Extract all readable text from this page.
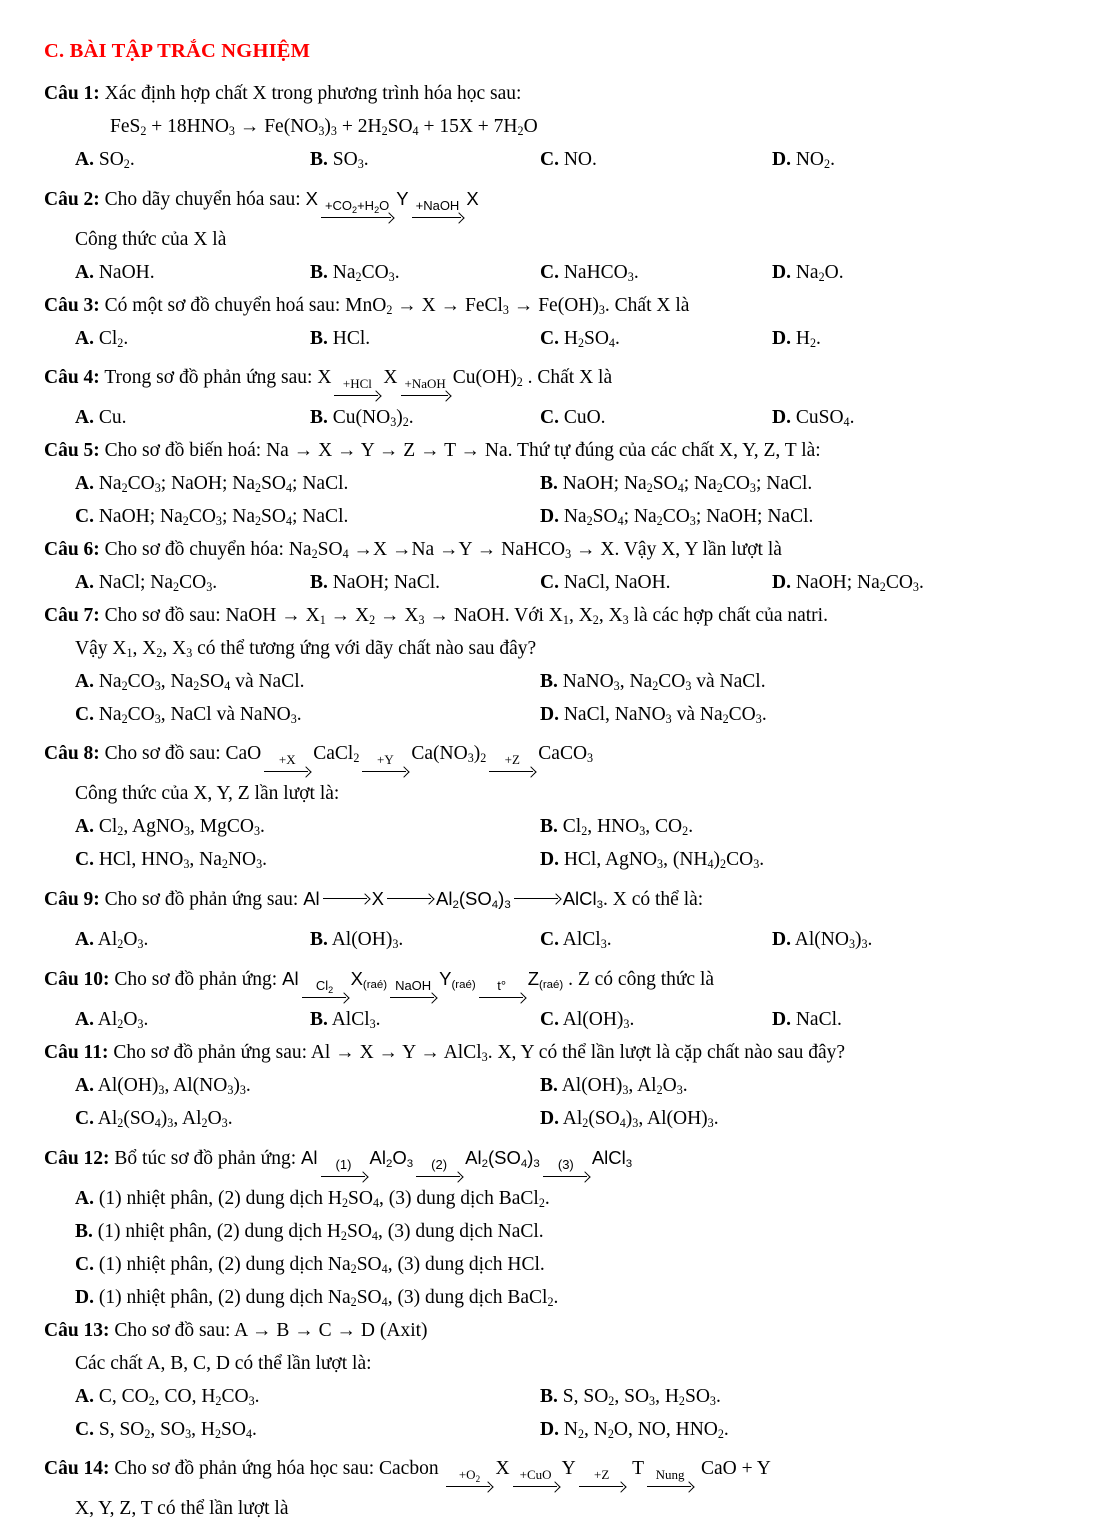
C. BÀI TẬP TRẮC NGHIỆM

Câu 1: Xác định hợp chất X trong phương trình hóa học sau:

$FeS_2 + 18HNO_3 \to Fe(NO_3)_3 + 2H_2SO_4 + 15X + 7H_2O$

A. $SO_2$.	B. $SO_3$.	C. NO.	D. $NO_2$.

Câu 2: Cho dãy chuyển hóa sau: $X +CO_2+H_2O$ Y +NaOH X

Công thức của X là

A. NaOH.	B. $Na_2CO_3$.	C. NaHCO$_3$.	D. $Na_2O$.

Câu 3: Có một sơ đồ chuyển hoá sau: MnO$_2$ → X → FeCl$_3$ → $Fe(OH)_3$. Chất X là

A. $Cl_2$.	B. HCl.	C. $H_2SO_4$.	D. $H_2$.

Câu 4: Trong sơ đồ phản ứng sau: X +HCl X +NaOH $Cu(OH)_2$ . Chất X là

A. Cu.	B. $Cu(NO_3)_2$.	C. CuO.	D. CuSO$_4$.

Câu 5: Cho sơ đồ biến hoá: Na → X → Y → Z → T → Na. Thứ tự đúng của các chất X, Y, Z, T là:

A. $Na_2CO_3$; NaOH; $Na_2SO_4$; NaCl.	B. NaOH; $Na_2SO_4$; $Na_2CO_3$; NaCl.
C. NaOH; $Na_2CO_3$; $Na_2SO_4$; NaCl.	D. $Na_2SO_4$; $Na_2CO_3$; NaOH; NaCl.

Câu 6: Cho sơ đồ chuyển hóa: $Na_2SO_4 \to X \to Na \to Y$ → NaHCO$_3$ → X. Vậy X, Y lần lượt là

A. NaCl; $Na_2CO_3$.	B. NaOH; NaCl.	C. NaCl, NaOH.	D. NaOH; $Na_2CO_3$.

Câu 7: Cho sơ đồ sau: NaOH → $X_1 \to X_2 \to X_3$ → NaOH. Với $X_1$, $X_2$, $X_3$ là các hợp chất của natri.

Vậy $X_1$, $X_2$, $X_3$ có thể tương ứng với dãy chất nào sau đây?

A. $Na_2CO_3$, $Na_2SO_4$ và NaCl.	B. NaNO$_3$, $Na_2CO_3$ và NaCl.
C. $Na_2CO_3$, NaCl và NaNO$_3$.	D. NaCl, NaNO$_3$ và $Na_2CO_3$.

Câu 8: Cho sơ đồ sau: CaO	+X CaCl$_2$	+Y $Ca(NO_3)_2$	+Z CaCO$_3$

Công thức của X, Y, Z lần lượt là:

A. $Cl_2$, AgNO$_3$, MgCO$_3$.	B. $Cl_2$, $HNO_3$, $CO_2$.
C. HCl, $HNO_3$, $Na_2NO_3$.	D. HCl, AgNO$_3$, $(NH_4)_2CO_3$.

Câu 9: Cho sơ đồ phản ứng sau: Al	X	$Al_2(SO_4)_3$	AlCl$_3$. X có thể là:

A. $Al_2O_3$.	B. $Al(OH)_3$.	C. AlCl$_3$.	D. $Al(NO_3)_3$.

Câu 10: Cho sơ đồ phản ứng: Al	$Cl_2$
$X_{(raé)}$ NaOH $Y_{(raé)}$	t° $Z_{(raé)}$ . Z có công thức là

A. $Al_2O_3$.	B. AlCl$_3$.	C. $Al(OH)_3$.	D. NaCl.

Câu 11: Cho sơ đồ phản ứng sau: Al → X → Y → AlCl$_3$. X, Y có thể lần lượt là cặp chất nào sau đây?

A. $Al(OH)_3$, $Al(NO_3)_3$.	B. $Al(OH)_3$, $Al_2O_3$.
C. $Al_2(SO_4)_3$, $Al_2O_3$.	D. $Al_2(SO_4)_3$, $Al(OH)_3$.

Câu 12: Bổ túc sơ đồ phản ứng: Al	(1) $Al_2O_3$	(2) $Al_2(SO_4)_3$	(3) AlCl$_3$

A. (1) nhiệt phân, (2) dung dịch $H_2SO_4$, (3) dung dịch BaCl$_2$.
B. (1) nhiệt phân, (2) dung dịch $H_2SO_4$, (3) dung dịch NaCl.
C. (1) nhiệt phân, (2) dung dịch $Na_2SO_4$, (3) dung dịch HCl.
D. (1) nhiệt phân, (2) dung dịch $Na_2SO_4$, (3) dung dịch BaCl$_2$.

Câu 13: Cho sơ đồ sau: A → B → C → D (Axit)

Các chất A, B, C, D có thể lần lượt là:

A. C, $CO_2$, CO, $H_2CO_3$.	B. S, $SO_2$, $SO_3$, $H_2SO_3$.
C. S, $SO_2$, $SO_3$, $H_2SO_4$.	D. $N_2$, $N_2O$, NO, $HNO_2$.

Câu 14: Cho sơ đồ phản ứng hóa học sau: Cacbon	$+O_2$ X +CuO Y	+Z T Nung CaO + Y

X, Y, Z, T có thể lần lượt là
